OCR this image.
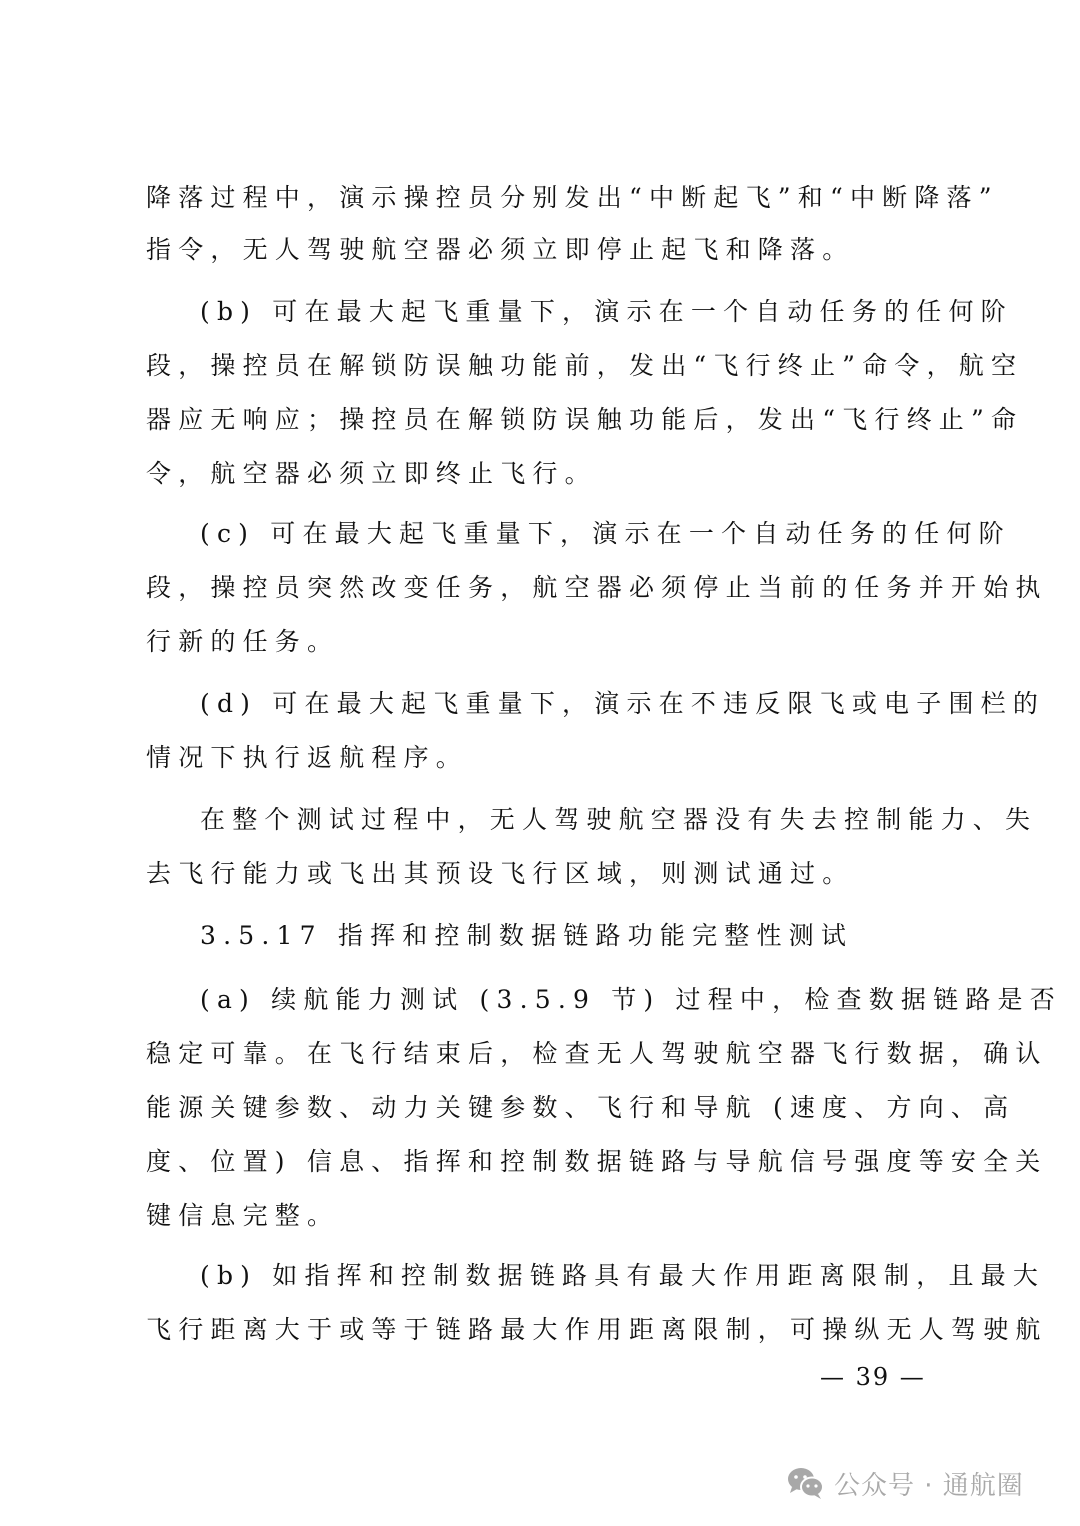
降落过程中，演示操控员分别发出“中断起飞”和“中断降落”
指令，无人驾驶航空器必须立即停止起飞和降落。
(b) 可在最大起飞重量下，演示在一个自动任务的任何阶
段，操控员在解锁防误触功能前，发出“飞行终止”命令，航空
器应无响应；操控员在解锁防误触功能后，发出“飞行终止”命
令，航空器必须立即终止飞行。
(c) 可在最大起飞重量下，演示在一个自动任务的任何阶
段，操控员突然改变任务，航空器必须停止当前的任务并开始执
行新的任务。
(d) 可在最大起飞重量下，演示在不违反限飞或电子围栏的
情况下执行返航程序。
在整个测试过程中，无人驾驶航空器没有失去控制能力、失
去飞行能力或飞出其预设飞行区域，则测试通过。
3.5.17 指挥和控制数据链路功能完整性测试
(a) 续航能力测试 (3.5.9 节) 过程中，检查数据链路是否
稳定可靠。在飞行结束后，检查无人驾驶航空器飞行数据，确认
能源关键参数、动力关键参数、飞行和导航 (速度、方向、高
度、位置) 信息、指挥和控制数据链路与导航信号强度等安全关
键信息完整。
(b) 如指挥和控制数据链路具有最大作用距离限制，且最大
飞行距离大于或等于链路最大作用距离限制，可操纵无人驾驶航
— 39 —
公众号 · 通航圈
